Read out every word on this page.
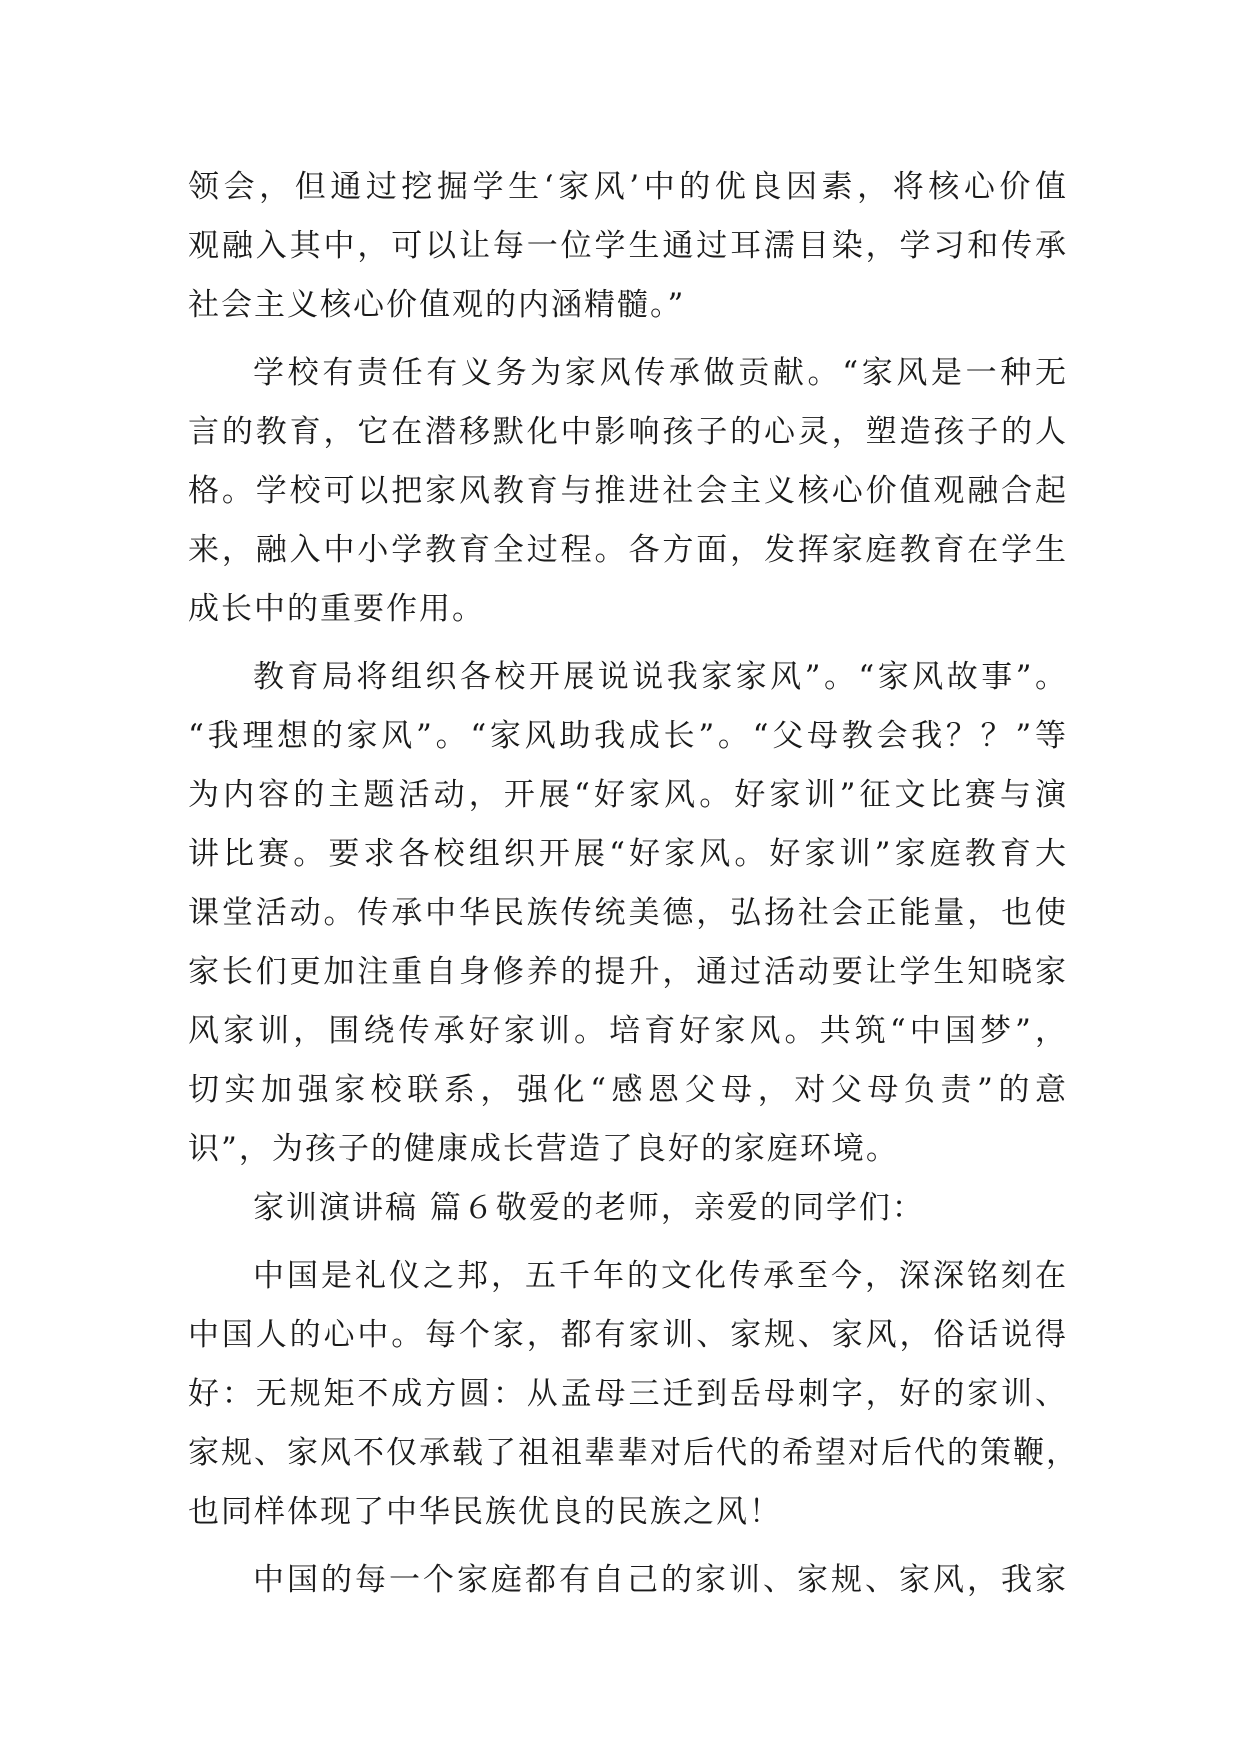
领会，但通过挖掘学生‘家风’中的优良因素，将核心价值
观融入其中，可以让每一位学生通过耳濡目染，学习和传承
社会主义核心价值观的内涵精髓。”
学校有责任有义务为家风传承做贡献。“家风是一种无
言的教育，它在潜移默化中影响孩子的心灵，塑造孩子的人
格。学校可以把家风教育与推进社会主义核心价值观融合起
来，融入中小学教育全过程。各方面，发挥家庭教育在学生
成长中的重要作用。
教育局将组织各校开展说说我家家风”。“家风故事”。
“我理想的家风”。“家风助我成长”。“父母教会我？？”等
为内容的主题活动，开展“好家风。好家训”征文比赛与演
讲比赛。要求各校组织开展“好家风。好家训”家庭教育大
课堂活动。传承中华民族传统美德，弘扬社会正能量，也使
家长们更加注重自身修养的提升，通过活动要让学生知晓家
风家训，围绕传承好家训。培育好家风。共筑“中国梦”，
切实加强家校联系，强化“感恩父母，对父母负责”的意
识”，为孩子的健康成长营造了良好的家庭环境。
家训演讲稿 篇６敬爱的老师，亲爱的同学们：
中国是礼仪之邦，五千年的文化传承至今，深深铭刻在
中国人的心中。每个家，都有家训、家规、家风，俗话说得
好：无规矩不成方圆：从孟母三迁到岳母刺字，好的家训、
家规、家风不仅承载了祖祖辈辈对后代的希望对后代的策鞭，
也同样体现了中华民族优良的民族之风！
中国的每一个家庭都有自己的家训、家规、家风，我家
